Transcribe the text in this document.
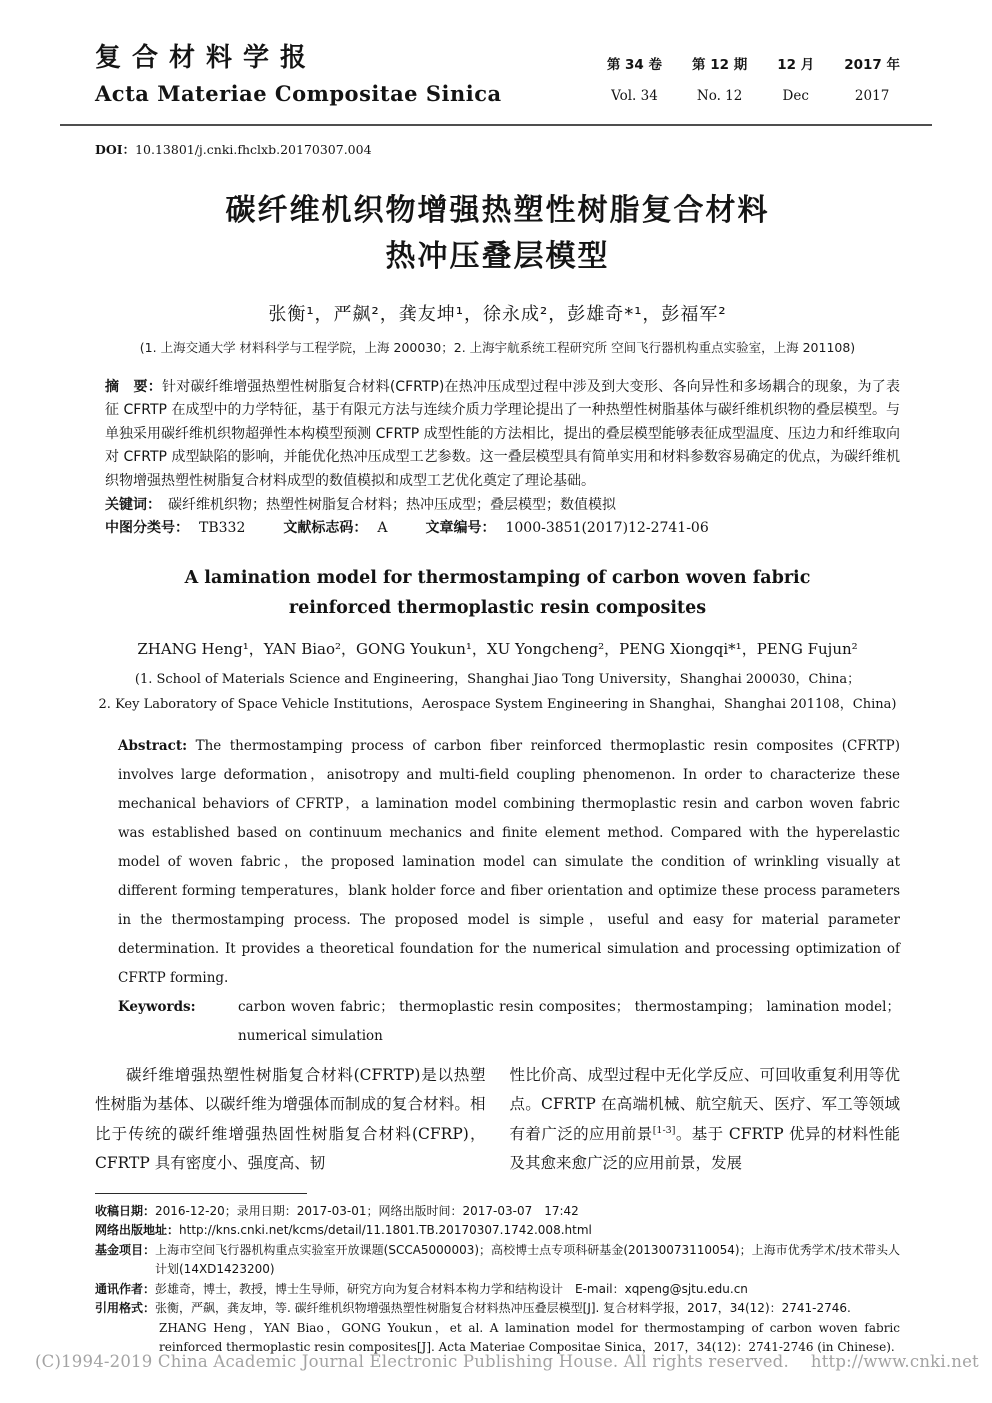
复合材料学报
Acta Materiae Compositae Sinica
第 34 卷 第 12 期 12 月 2017 年
Vol. 34	No. 12	Dec	2017
DOI：10.13801/j.cnki.fhclxb.20170307.004
碳纤维机织物增强热塑性树脂复合材料
热冲压叠层模型
张衡¹，严飙²，龚友坤¹，徐永成²，彭雄奇*¹，彭福军²
(1. 上海交通大学 材料科学与工程学院，上海 200030；2. 上海宇航系统工程研究所 空间飞行器机构重点实验室，上海 201108)
摘　要：针对碳纤维增强热塑性树脂复合材料(CFRTP)在热冲压成型过程中涉及到大变形、各向异性和多场耦合的现象，为了表征 CFRTP 在成型中的力学特征，基于有限元方法与连续介质力学理论提出了一种热塑性树脂基体与碳纤维机织物的叠层模型。与单独采用碳纤维机织物超弹性本构模型预测 CFRTP 成型性能的方法相比，提出的叠层模型能够表征成型温度、压边力和纤维取向对 CFRTP 成型缺陷的影响，并能优化热冲压成型工艺参数。这一叠层模型具有简单实用和材料参数容易确定的优点，为碳纤维机织物增强热塑性树脂复合材料成型的数值模拟和成型工艺优化奠定了理论基础。
关键词：　 碳纤维机织物；热塑性树脂复合材料；热冲压成型；叠层模型；数值模拟
中图分类号： TB332	文献标志码： A	文章编号： 1000-3851(2017)12-2741-06
A lamination model for thermostamping of carbon woven fabric
reinforced thermoplastic resin composites
ZHANG Heng¹，YAN Biao²，GONG Youkun¹，XU Yongcheng²，PENG Xiongqi*¹，PENG Fujun²
(1. School of Materials Science and Engineering，Shanghai Jiao Tong University，Shanghai 200030，China；
2. Key Laboratory of Space Vehicle Institutions，Aerospace System Engineering in Shanghai，Shanghai 201108，China)
Abstract: The thermostamping process of carbon fiber reinforced thermoplastic resin composites (CFRTP) involves large deformation，anisotropy and multi-field coupling phenomenon. In order to characterize these mechanical behaviors of CFRTP，a lamination model combining thermoplastic resin and carbon woven fabric was established based on continuum mechanics and finite element method. Compared with the hyperelastic model of woven fabric，the proposed lamination model can simulate the condition of wrinkling visually at different forming temperatures，blank holder force and fiber orientation and optimize these process parameters in the thermostamping process. The proposed model is simple，useful and easy for material parameter determination. It provides a theoretical foundation for the numerical simulation and processing optimization of CFRTP forming.
Keywords:	carbon woven fabric； thermoplastic resin composites； thermostamping； lamination model； numerical simulation

碳纤维增强热塑性树脂复合材料(CFRTP)是以热塑性树脂为基体、以碳纤维为增强体而制成的复合材料。相比于传统的碳纤维增强热固性树脂复合材料(CFRP)，CFRTP 具有密度小、强度高、韧

性比价高、成型过程中无化学反应、可回收重复利用等优点。CFRTP 在高端机械、航空航天、医疗、军工等领域有着广泛的应用前景[1-3]。基于 CFRTP 优异的材料性能及其愈来愈广泛的应用前景，发展

收稿日期：2016-12-20；录用日期：2017-03-01；网络出版时间：2017-03-07　17:42
网络出版地址：http://kns.cnki.net/kcms/detail/11.1801.TB.20170307.1742.008.html
基金项目：上海市空间飞行器机构重点实验室开放课题(SCCA5000003)；高校博士点专项科研基金(20130073110054)；上海市优秀学术/技术带头人计划(14XD1423200)
通讯作者：彭雄奇，博士，教授，博士生导师，研究方向为复合材料本构力学和结构设计　E-mail：xqpeng@sjtu.edu.cn
引用格式：张衡，严飙，龚友坤，等. 碳纤维机织物增强热塑性树脂复合材料热冲压叠层模型[J]. 复合材料学报，2017，34(12)：2741-2746.
ZHANG Heng，YAN Biao，GONG Youkun，et al. A lamination model for thermostamping of carbon woven fabric reinforced thermoplastic resin composites[J]. Acta Materiae Compositae Sinica，2017，34(12)：2741-2746 (in Chinese).
(C)1994-2019 China Academic Journal Electronic Publishing House. All rights reserved. http://www.cnki.net
